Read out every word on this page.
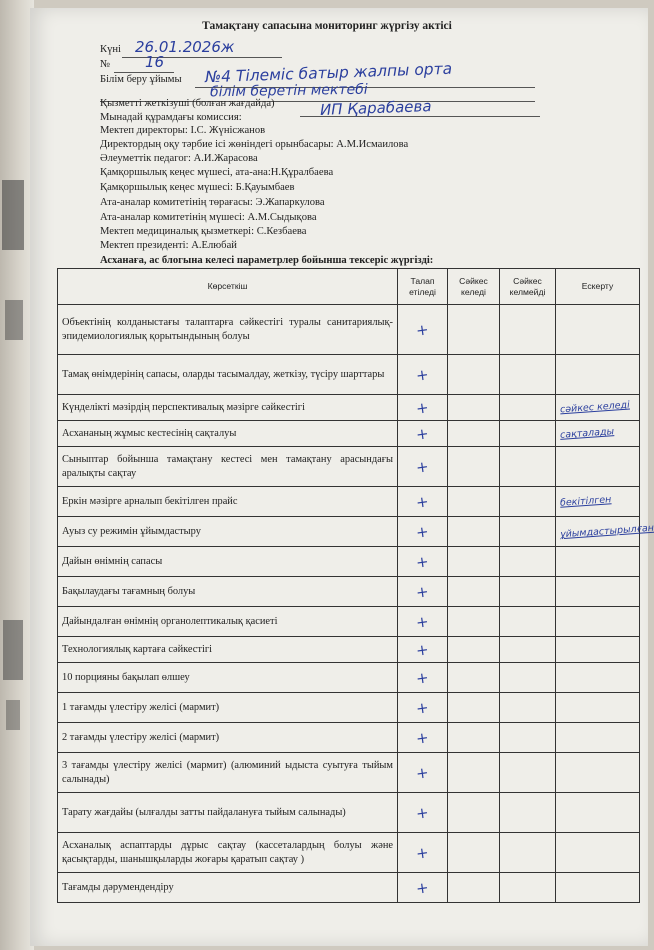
Тамақтану сапасына мониторинг жүргізу актісі
Күні 26.01.2026ж
№ 16
Білім беру ұйымы №4 Тілеміс батыр жалпы орта
білім беретін мектебі
Қызметті жеткізуші (болған жағдайда)	ИП Қарабаева
Мынадай құрамдағы комиссия:
Мектеп директоры: І.С. Жүнісжанов
Директордың оқу тәрбие ісі жөніндегі орынбасары: А.М.Исмаилова
Әлеуметтік педагог: А.И.Жарасова
Қамқоршылық кеңес мүшесі, ата-ана:Н.Құралбаева
Қамқоршылық кеңес мүшесі: Б.Қауымбаев
Ата-аналар комитетінің төрағасы: Э.Жапаркулова
Ата-аналар комитетінің мүшесі: А.М.Сыдықова
Мектеп медициналық қызметкері: С.Кезбаева
Асханаға, ас блогына келесі параметрлер бойынша тексеріс жүргізді:
Көрсеткіш	Талап етіледі	Сәйкес келеді	Сәйкес келмейді	Ескерту
Объектінің колданыстағы талаптарға сәйкестігі туралы санитариялық-эпидемиологиялық қорытындының болуы	+			
Тамақ өнімдерінің сапасы, оларды тасымалдау, жеткізу, түсіру шарттары	+			
Күнделікті мәзірдің перспективалық мәзірге сәйкестігі	+			сәйкес келеді
Асхананың жұмыс кестесінің сақталуы	+			сақталады
Сыныптар бойынша тамақтану кестесі мен тамақтану арасындағы аралықты сақтау	+			
Еркін мәзірге арналып бекітілген прайс	+			бекітілген
Ауыз су режимін ұйымдастыру	+			ұйымдастырылған
Дайын өнімнің сапасы	+			
Бақылаудағы тағамның болуы	+			
Дайындалған өнімнің органолептикалық қасиеті	+			
Технологиялық картаға сәйкестігі	+			
10 порцияны бақылап өлшеу	+			
1 тағамды үлестіру желісі (мармит)	+			
2 тағамды үлестіру желісі (мармит)	+			
3 тағамды үлестіру желісі (мармит) (алюминий ыдыста суытуға тыйым салынады)	+			
Тарату жағдайы (ылғалды затты пайдалануға тыйым салынады)	+			
Асханалық аспаптарды дұрыс сақтау (кассеталардың болуы және қасықтарды, шанышқыларды жоғары қаратып сақтау )	+			
Тағамды дәрумендендіру	+			
Мектеп президенті: А.Елюбай
